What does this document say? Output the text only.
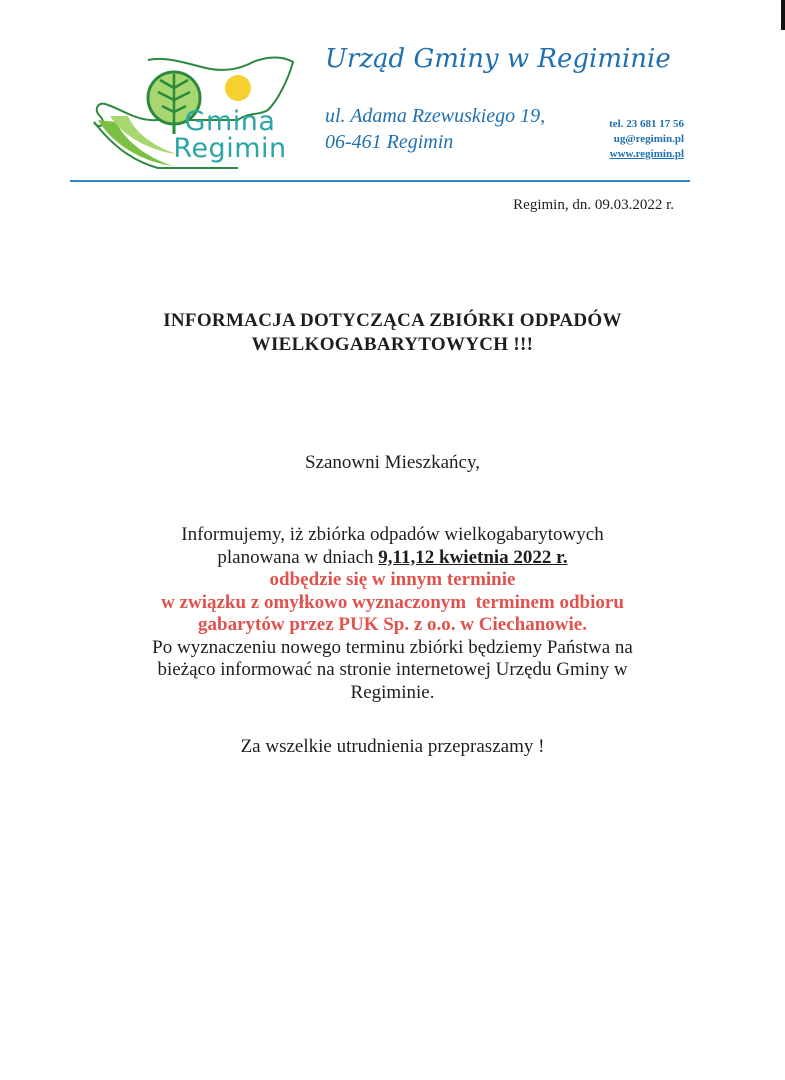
Gmina
Regimin
Urząd Gminy w Regiminie
ul. Adama Rzewuskiego 19,
06-461 Regimin
tel. 23 681 17 56
ug@regimin.pl
www.regimin.pl
Regimin, dn. 09.03.2022 r.
INFORMACJA DOTYCZĄCA ZBIÓRKI ODPADÓW
WIELKOGABARYTOWYCH !!!
Szanowni Mieszkańcy,
Informujemy, iż zbiórka odpadów wielkogabarytowych
planowana w dniach 9,11,12 kwietnia 2022 r.
odbędzie się w innym terminie
w związku z omyłkowo wyznaczonym  terminem odbioru
gabarytów przez PUK Sp. z o.o. w Ciechanowie.
Po wyznaczeniu nowego terminu zbiórki będziemy Państwa na
bieżąco informować na stronie internetowej Urzędu Gminy w
Regiminie.
Za wszelkie utrudnienia przepraszamy !
